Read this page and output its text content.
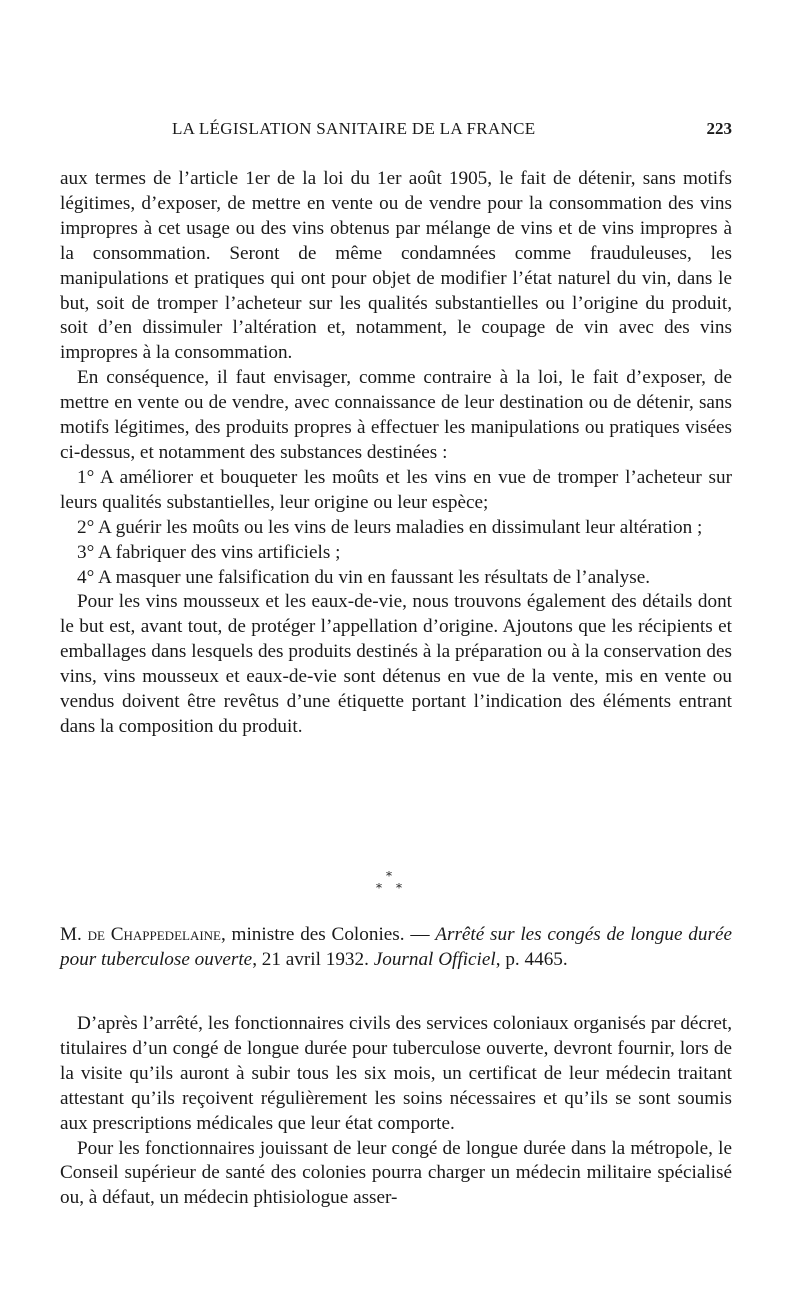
LA LÉGISLATION SANITAIRE DE LA FRANCE	223

aux termes de l’article 1er de la loi du 1er août 1905, le fait de détenir, sans motifs légitimes, d’exposer, de mettre en vente ou de vendre pour la consommation des vins impropres à cet usage ou des vins obtenus par mélange de vins et de vins impropres à la consommation. Seront de même condamnées comme frauduleuses, les manipulations et pratiques qui ont pour objet de modifier l’état naturel du vin, dans le but, soit de tromper l’acheteur sur les qualités substantielles ou l’origine du produit, soit d’en dissimuler l’altération et, notamment, le coupage de vin avec des vins impropres à la consommation.

En conséquence, il faut envisager, comme contraire à la loi, le fait d’exposer, de mettre en vente ou de vendre, avec connaissance de leur destination ou de détenir, sans motifs légitimes, des produits propres à effectuer les manipulations ou pratiques visées ci-dessus, et notamment des substances destinées :

1° A améliorer et bouqueter les moûts et les vins en vue de tromper l’acheteur sur leurs qualités substantielles, leur origine ou leur espèce;

2° A guérir les moûts ou les vins de leurs maladies en dissimulant leur altération ;

3° A fabriquer des vins artificiels ;

4° A masquer une falsification du vin en faussant les résultats de l’analyse.

Pour les vins mousseux et les eaux-de-vie, nous trouvons également des détails dont le but est, avant tout, de protéger l’appellation d’origine. Ajoutons que les récipients et emballages dans lesquels des produits destinés à la préparation ou à la conservation des vins, vins mousseux et eaux-de-vie sont détenus en vue de la vente, mis en vente ou vendus doivent être revêtus d’une étiquette portant l’indication des éléments entrant dans la composition du produit.

*
* *
M. de Chappedelaine, ministre des Colonies. — Arrêté sur les congés de longue durée pour tuberculose ouverte, 21 avril 1932. Journal Officiel, p. 4465.

D’après l’arrêté, les fonctionnaires civils des services coloniaux organisés par décret, titulaires d’un congé de longue durée pour tuberculose ouverte, devront fournir, lors de la visite qu’ils auront à subir tous les six mois, un certificat de leur médecin traitant attestant qu’ils reçoivent régulièrement les soins nécessaires et qu’ils se sont soumis aux prescriptions médicales que leur état comporte.

Pour les fonctionnaires jouissant de leur congé de longue durée dans la métropole, le Conseil supérieur de santé des colonies pourra charger un médecin militaire spécialisé ou, à défaut, un médecin phtisiologue asser-
